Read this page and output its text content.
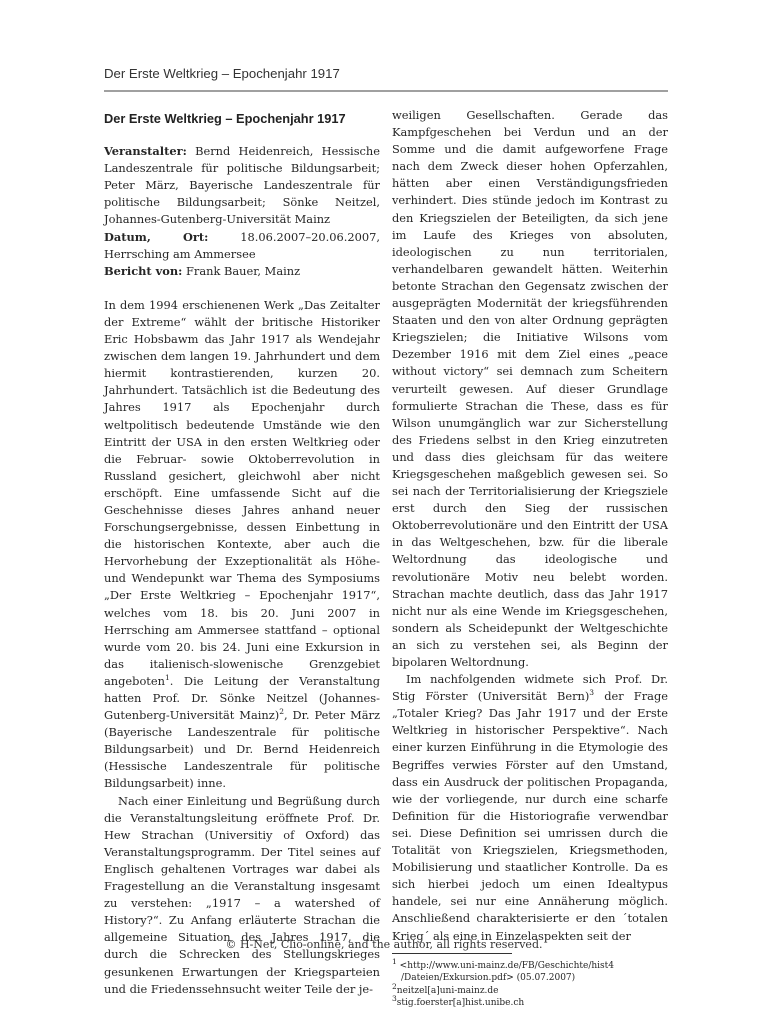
Der Erste Weltkrieg – Epochenjahr 1917
Der Erste Weltkrieg – Epochenjahr 1917

Veranstalter: Bernd Heidenreich, Hessische Landeszentrale für politische Bildungsarbeit; Peter März, Bayerische Landeszentrale für politische Bildungsarbeit; Sönke Neitzel, Johannes-Gutenberg-Universität Mainz

Datum, Ort:	18.06.2007–20.06.2007, Herrsching am Ammersee

Bericht von: Frank Bauer, Mainz

In dem 1994 erschienenen Werk „Das Zeitalter der Extreme“ wählt der britische Historiker Eric Hobsbawm das Jahr 1917 als Wendejahr zwischen dem langen 19. Jahrhundert und dem hiermit kontrastierenden, kurzen 20. Jahrhundert. Tatsächlich ist die Bedeutung des Jahres 1917 als Epochenjahr durch weltpolitisch bedeutende Umstände wie den Eintritt der USA in den ersten Weltkrieg oder die Februar- sowie Oktoberrevolution in Russland gesichert, gleichwohl aber nicht erschöpft. Eine umfassende Sicht auf die Geschehnisse dieses Jahres anhand neuer Forschungsergebnisse, dessen Einbettung in die historischen Kontexte, aber auch die Hervorhebung der Exzeptionalität als Höhe- und Wendepunkt war Thema des Symposiums „Der Erste Weltkrieg – Epochenjahr 1917“, welches vom 18. bis 20. Juni 2007 in Herrsching am Ammersee stattfand – optional wurde vom 20. bis 24. Juni eine Exkursion in das italienisch-slowenische Grenzgebiet angeboten$^1$. Die Leitung der Veranstaltung hatten Prof. Dr. Sönke Neitzel (Johannes-Gutenberg-Universität Mainz)$^2$, Dr. Peter März (Bayerische Landeszentrale für politische Bildungsarbeit) und Dr. Bernd Heidenreich (Hessische Landeszentrale für politische Bildungsarbeit) inne.

Nach einer Einleitung und Begrüßung durch die Veranstaltungsleitung eröffnete Prof. Dr. Hew Strachan (Universitiy of Oxford) das Veranstaltungsprogramm. Der Titel seines auf Englisch gehaltenen Vortrages war dabei als Fragestellung an die Veranstaltung insgesamt zu verstehen: „1917 – a watershed of History?“. Zu Anfang erläuterte Strachan die allgemeine Situation des Jahres 1917, die durch die Schrecken des Stellungskrieges gesunkenen Erwartungen der Kriegsparteien und die Friedenssehnsucht weiter Teile der je-

weiligen Gesellschaften. Gerade das Kampfgeschehen bei Verdun und an der Somme und die damit aufgeworfene Frage nach dem Zweck dieser hohen Opferzahlen, hätten aber einen Verständigungsfrieden verhindert. Dies stünde jedoch im Kontrast zu den Kriegszielen der Beteiligten, da sich jene im Laufe des Krieges von absoluten, ideologischen zu nun territorialen, verhandelbaren gewandelt hätten. Weiterhin betonte Strachan den Gegensatz zwischen der ausgeprägten Modernität der kriegsführenden Staaten und den von alter Ordnung geprägten Kriegszielen; die Initiative Wilsons vom Dezember 1916 mit dem Ziel eines „peace without victory“ sei demnach zum Scheitern verurteilt gewesen. Auf dieser Grundlage formulierte Strachan die These, dass es für Wilson unumgänglich war zur Sicherstellung des Friedens selbst in den Krieg einzutreten und dass dies gleichsam für das weitere Kriegsgeschehen maßgeblich gewesen sei. So sei nach der Territorialisierung der Kriegsziele erst durch den Sieg der russischen Oktoberrevolutionäre und den Eintritt der USA in das Weltgeschehen, bzw. für die liberale Weltordnung das ideologische und revolutionäre Motiv neu belebt worden. Strachan machte deutlich, dass das Jahr 1917 nicht nur als eine Wende im Kriegsgeschehen, sondern als Scheidepunkt der Weltgeschichte an sich zu verstehen sei, als Beginn der bipolaren Weltordnung.

Im nachfolgenden widmete sich Prof. Dr. Stig Förster (Universität Bern)$^3$ der Frage „Totaler Krieg? Das Jahr 1917 und der Erste Weltkrieg in historischer Perspektive“. Nach einer kurzen Einführung in die Etymologie des Begriffes verwies Förster auf den Umstand, dass ein Ausdruck der politischen Propaganda, wie der vorliegende, nur durch eine scharfe Definition für die Historiografie verwendbar sei. Diese Definition sei umrissen durch die Totalität von Kriegszielen, Kriegsmethoden, Mobilisierung und staatlicher Kontrolle. Da es sich hierbei jedoch um einen Idealtypus handele, sei nur eine Annäherung möglich. Anschließend charakterisierte er den ´totalen Krieg´ als eine in Einzelaspekten seit der

$^1$ <http://www.uni-mainz.de/FB/Geschichte/hist4
/Dateien/Exkursion.pdf> (05.07.2007)
$^2$neitzel[a]uni-mainz.de
$^3$stig.foerster[a]hist.unibe.ch
© H-Net, Clio-online, and the author, all rights reserved.
